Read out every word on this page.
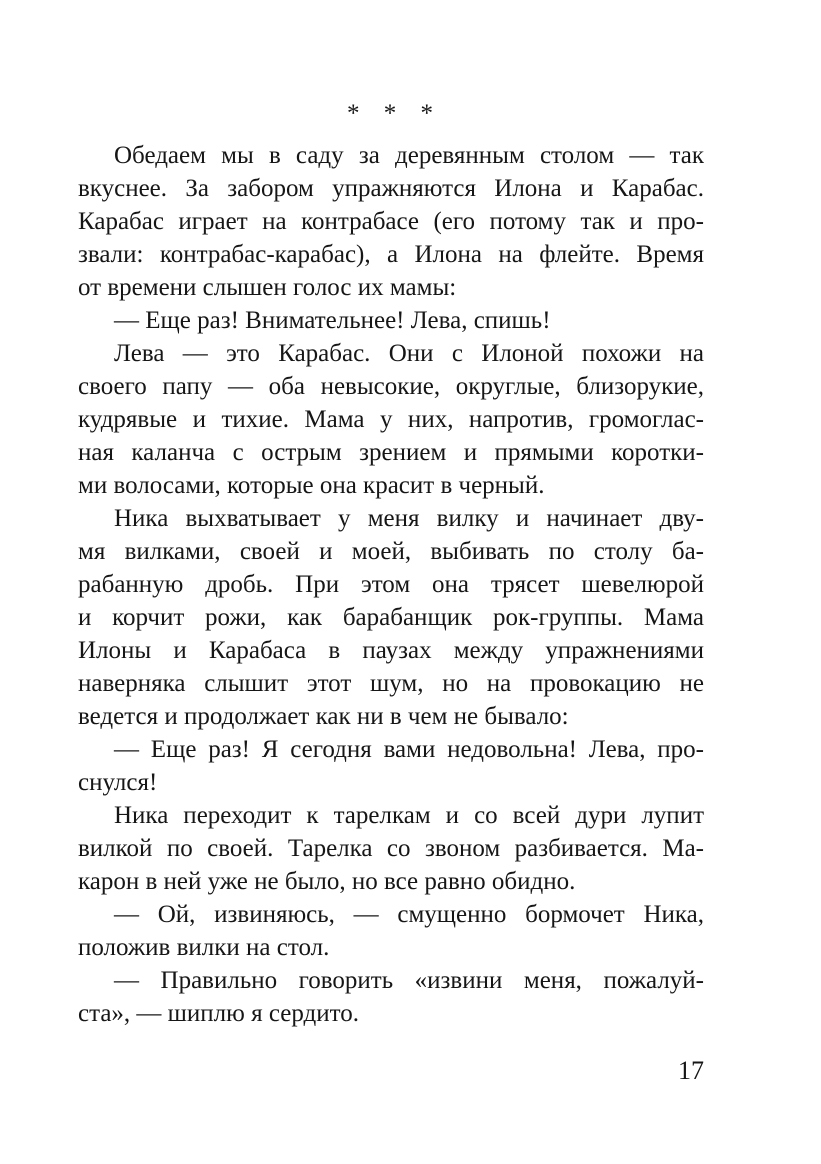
* * *
Обедаем мы в саду за деревянным столом — так
вкуснее. За забором упражняются Илона и Карабас.
Карабас играет на контрабасе (его потому так и про-
звали: контрабас-карабас), а Илона на флейте. Время
от времени слышен голос их мамы:
— Еще раз! Внимательнее! Лева, спишь!
Лева — это Карабас. Они с Илоной похожи на
своего папу — оба невысокие, округлые, близорукие,
кудрявые и тихие. Мама у них, напротив, громоглас-
ная каланча с острым зрением и прямыми коротки-
ми волосами, которые она красит в черный.
Ника выхватывает у меня вилку и начинает дву-
мя вилками, своей и моей, выбивать по столу ба-
рабанную дробь. При этом она трясет шевелюрой
и корчит рожи, как барабанщик рок-группы. Мама
Илоны и Карабаса в паузах между упражнениями
наверняка слышит этот шум, но на провокацию не
ведется и продолжает как ни в чем не бывало:
— Еще раз! Я сегодня вами недовольна! Лева, про-
снулся!
Ника переходит к тарелкам и со всей дури лупит
вилкой по своей. Тарелка со звоном разбивается. Ма-
карон в ней уже не было, но все равно обидно.
— Ой, извиняюсь, — смущенно бормочет Ника,
положив вилки на стол.
— Правильно говорить «извини меня, пожалуй-
ста», — шиплю я сердито.
17
